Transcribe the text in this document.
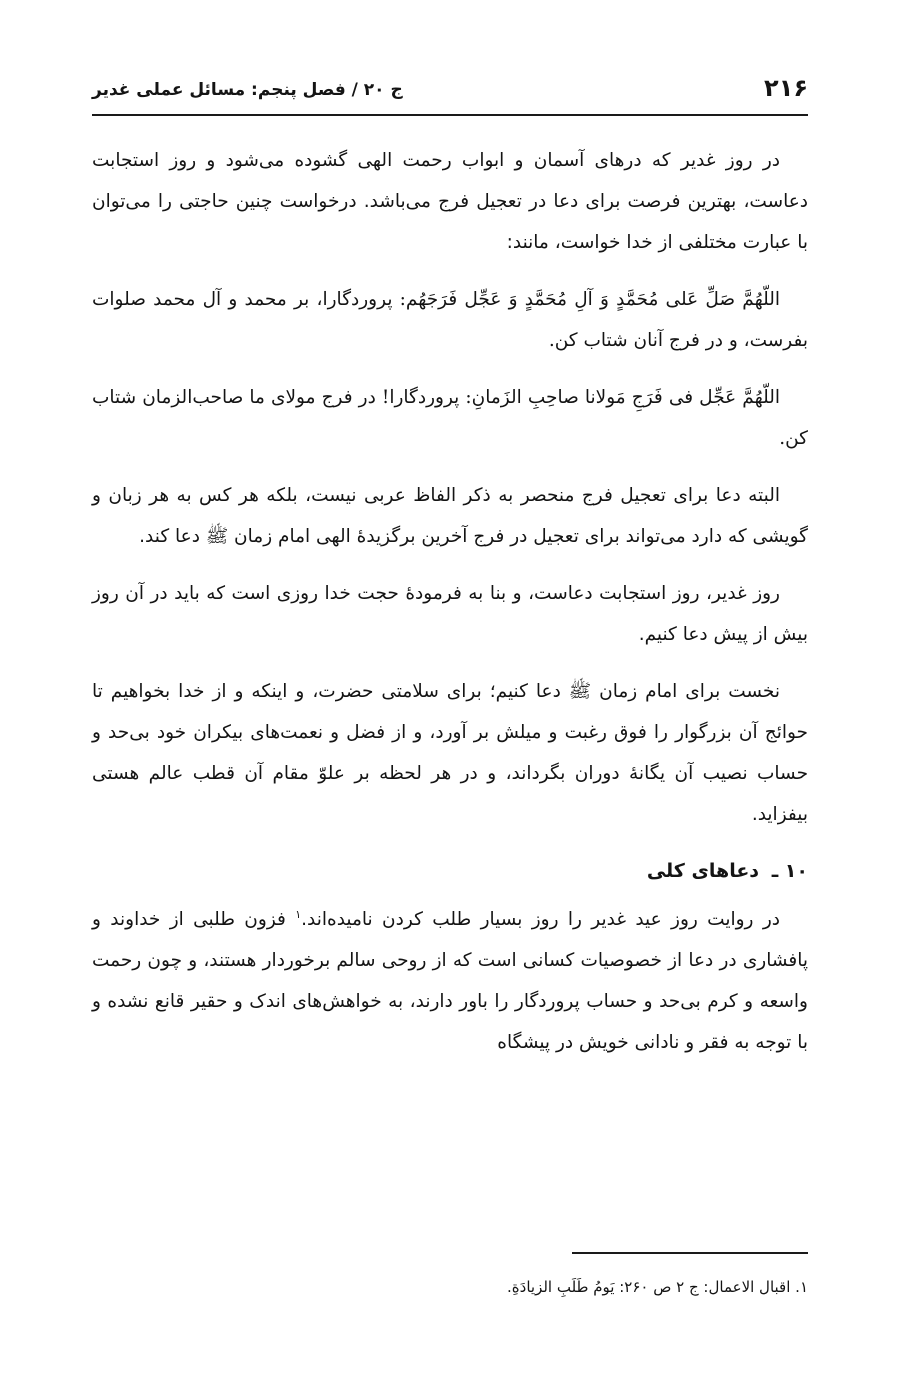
۲۱۶
ج ۲۰ / فصل پنجم: مسائل عملی غدیر

در روز غدیر که درهای آسمان و ابواب رحمت الهی گشوده می‌شود و روز استجابت دعاست، بهترین فرصت برای دعا در تعجیل فرج می‌باشد. درخواست چنین حاجتی را می‌توان با عبارت مختلفی از خدا خواست، مانند:

اللّهُمَّ صَلِّ عَلی مُحَمَّدٍ وَ آلِ مُحَمَّدٍ وَ عَجِّل فَرَجَهُم: پروردگارا، بر محمد و آل محمد صلوات بفرست، و در فرج آنان شتاب کن.

اللّهُمَّ عَجِّل فی فَرَجِ مَولانا صاحِبِ الزَمانِ: پروردگارا! در فرج مولای ما صاحب‌الزمان شتاب کن.

البته دعا برای تعجیل فرج منحصر به ذکر الفاظ عربی نیست، بلکه هر کس به هر زبان و گویشی که دارد می‌تواند برای تعجیل در فرج آخرین برگزیدهٔ الهی امام زمان ﷺ دعا کند.

روز غدیر، روز استجابت دعاست، و بنا به فرمودهٔ حجت خدا روزی است که باید در آن روز بیش از پیش دعا کنیم.

نخست برای امام زمان ﷺ دعا کنیم؛ برای سلامتی حضرت، و اینکه و از خدا بخواهیم تا حوائج آن بزرگوار را فوق رغبت و میلش بر آورد، و از فضل و نعمت‌های بیکران خود بی‌حد و حساب نصیب آن یگانهٔ دوران بگرداند، و در هر لحظه بر علوّ مقام آن قطب عالم هستی بیفزاید.

۱۰ ـ دعاهای کلی

در روایت روز عید غدیر را روز بسیار طلب کردن نامیده‌اند.$^۱$ فزون طلبی از خداوند و پافشاری در دعا از خصوصیات کسانی است که از روحی سالم برخوردار هستند، و چون رحمت واسعه و کرم بی‌حد و حساب پروردگار را باور دارند، به خواهش‌های اندک و حقیر قانع نشده و با توجه به فقر و نادانی خویش در پیشگاه

۱. اقبال الاعمال: ج ۲ ص ۲۶۰: یَومُ طَلَبِ الزیادَةِ.
